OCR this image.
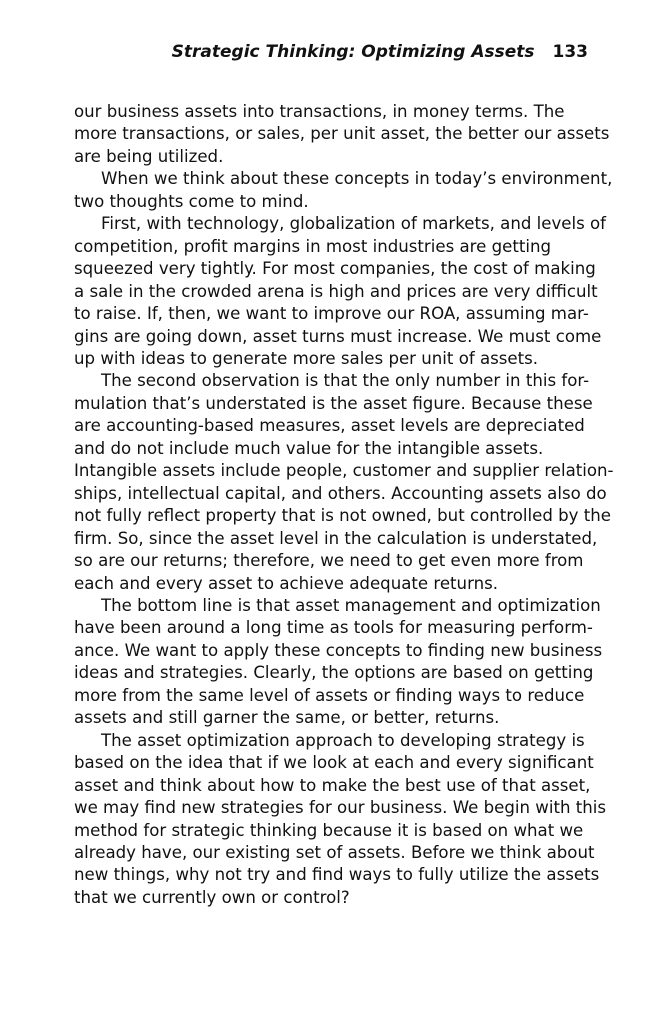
Strategic Thinking: Optimizing Assets 133
our business assets into transactions, in money terms. The
more transactions, or sales, per unit asset, the better our assets
are being utilized.
When we think about these concepts in today’s environment,
two thoughts come to mind.
First, with technology, globalization of markets, and levels of
competition, profit margins in most industries are getting
squeezed very tightly. For most companies, the cost of making
a sale in the crowded arena is high and prices are very difficult
to raise. If, then, we want to improve our ROA, assuming mar-
gins are going down, asset turns must increase. We must come
up with ideas to generate more sales per unit of assets.
The second observation is that the only number in this for-
mulation that’s understated is the asset figure. Because these
are accounting-based measures, asset levels are depreciated
and do not include much value for the intangible assets.
Intangible assets include people, customer and supplier relation-
ships, intellectual capital, and others. Accounting assets also do
not fully reflect property that is not owned, but controlled by the
firm. So, since the asset level in the calculation is understated,
so are our returns; therefore, we need to get even more from
each and every asset to achieve adequate returns.
The bottom line is that asset management and optimization
have been around a long time as tools for measuring perform-
ance. We want to apply these concepts to finding new business
ideas and strategies. Clearly, the options are based on getting
more from the same level of assets or finding ways to reduce
assets and still garner the same, or better, returns.
The asset optimization approach to developing strategy is
based on the idea that if we look at each and every significant
asset and think about how to make the best use of that asset,
we may find new strategies for our business. We begin with this
method for strategic thinking because it is based on what we
already have, our existing set of assets. Before we think about
new things, why not try and find ways to fully utilize the assets
that we currently own or control?
